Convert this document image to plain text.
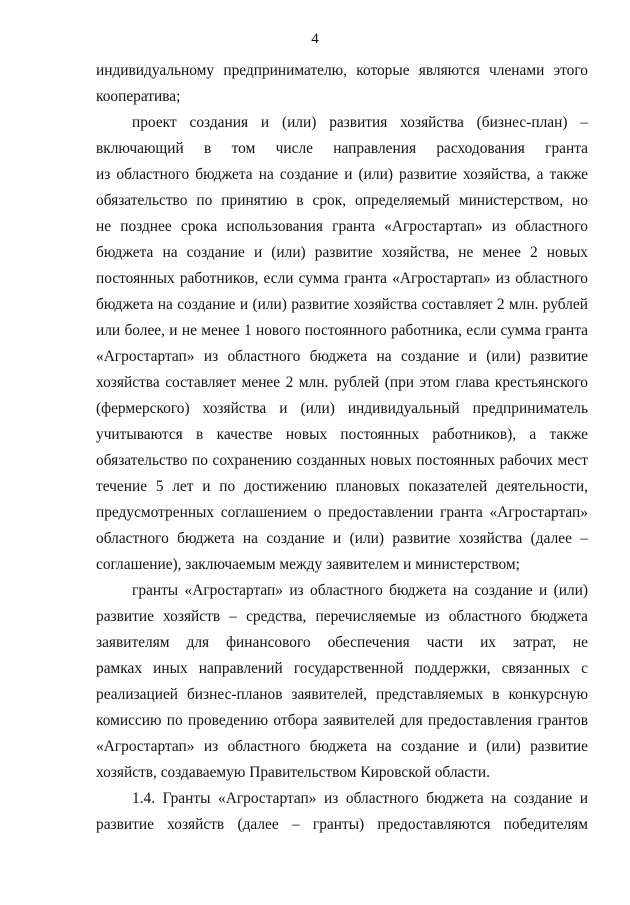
4
индивидуальному предпринимателю, которые являются членами этого
кооператива;
проект создания и (или) развития хозяйства (бизнес-план) –
включающий в том числе направления расходования гранта
из областного бюджета на создание и (или) развитие хозяйства, а также
обязательство по принятию в срок, определяемый министерством, но
не позднее срока использования гранта «Агростартап» из областного
бюджета на создание и (или) развитие хозяйства, не менее 2 новых
постоянных работников, если сумма гранта «Агростартап» из областного
бюджета на создание и (или) развитие хозяйства составляет 2 млн. рублей
или более, и не менее 1 нового постоянного работника, если сумма гранта
«Агростартап» из областного бюджета на создание и (или) развитие
хозяйства составляет менее 2 млн. рублей (при этом глава крестьянского
(фермерского) хозяйства и (или) индивидуальный предприниматель
учитываются в качестве новых постоянных работников), а также
обязательство по сохранению созданных новых постоянных рабочих мест
течение 5 лет и по достижению плановых показателей деятельности,
предусмотренных соглашением о предоставлении гранта «Агростартап»
областного бюджета на создание и (или) развитие хозяйства (далее –
соглашение), заключаемым между заявителем и министерством;
гранты «Агростартап» из областного бюджета на создание и (или)
развитие хозяйств – средства, перечисляемые из областного бюджета
заявителям для финансового обеспечения части их затрат, не
рамках иных направлений государственной поддержки, связанных с
реализацией бизнес-планов заявителей, представляемых в конкурсную
комиссию по проведению отбора заявителей для предоставления грантов
«Агростартап» из областного бюджета на создание и (или) развитие
хозяйств, создаваемую Правительством Кировской области.
1.4. Гранты «Агростартап» из областного бюджета на создание и
развитие хозяйств (далее – гранты) предоставляются победителям
